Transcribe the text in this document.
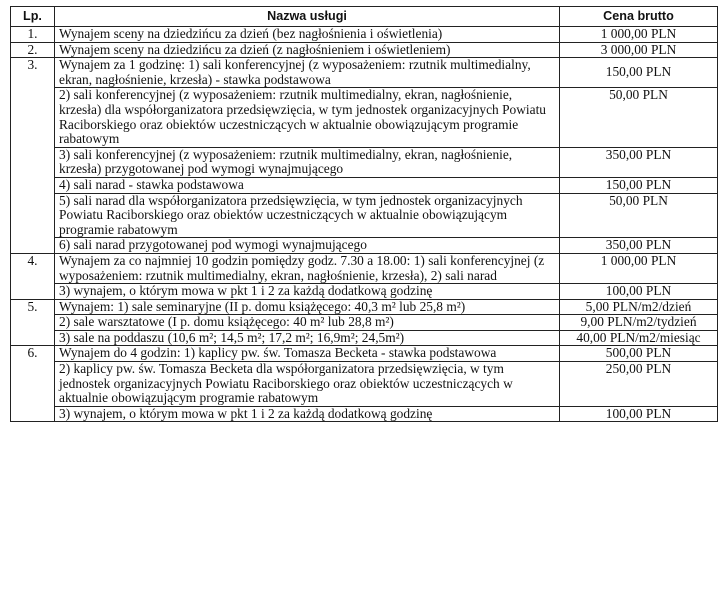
Lp.	Nazwa usługi	Cena brutto
1.	Wynajem sceny na dziedzińcu za dzień (bez nagłośnienia i oświetlenia)	1 000,00 PLN
2.	Wynajem sceny na dziedzińcu za dzień (z nagłośnieniem i oświetleniem)	3 000,00 PLN
3.	Wynajem za 1 godzinę: 1) sali konferencyjnej (z wyposażeniem: rzutnik multimedialny, ekran, nagłośnienie, krzesła) - stawka podstawowa	150,00 PLN
	2) sali konferencyjnej (z wyposażeniem: rzutnik multimedialny, ekran, nagłośnienie, krzesła) dla współorganizatora przedsięwzięcia, w tym jednostek organizacyjnych Powiatu Raciborskiego oraz obiektów uczestniczących w aktualnie obowiązującym programie rabatowym	50,00 PLN
	3) sali konferencyjnej (z wyposażeniem: rzutnik multimedialny, ekran, nagłośnienie, krzesła) przygotowanej pod wymogi wynajmującego	350,00 PLN
	4) sali narad - stawka podstawowa	150,00 PLN
	5) sali narad dla współorganizatora przedsięwzięcia, w tym jednostek organizacyjnych Powiatu Raciborskiego oraz obiektów uczestniczących w aktualnie obowiązującym programie rabatowym	50,00 PLN
	6) sali narad przygotowanej pod wymogi wynajmującego	350,00 PLN
4.	Wynajem za co najmniej 10 godzin pomiędzy godz. 7.30 a 18.00: 1) sali konferencyjnej (z wyposażeniem: rzutnik multimedialny, ekran, nagłośnienie, krzesła), 2) sali narad	1 000,00 PLN
	3) wynajem, o którym mowa w pkt 1 i 2 za każdą dodatkową godzinę	100,00 PLN
5.	Wynajem: 1) sale seminaryjne (II p. domu książęcego: 40,3 m² lub 25,8 m²)	5,00 PLN/m2/dzień
	2) sale warsztatowe (I p. domu książęcego: 40 m² lub 28,8 m²)	9,00 PLN/m2/tydzień
	3) sale na poddaszu (10,6 m²; 14,5 m²; 17,2 m²; 16,9m²; 24,5m²)	40,00 PLN/m2/miesiąc
6.	Wynajem do 4 godzin: 1) kaplicy pw. św. Tomasza Becketa - stawka podstawowa	500,00 PLN
	2) kaplicy pw. św. Tomasza Becketa dla współorganizatora przedsięwzięcia, w tym jednostek organizacyjnych Powiatu Raciborskiego oraz obiektów uczestniczących w aktualnie obowiązującym programie rabatowym	250,00 PLN
	3) wynajem, o którym mowa w pkt 1 i 2 za każdą dodatkową godzinę	100,00 PLN
